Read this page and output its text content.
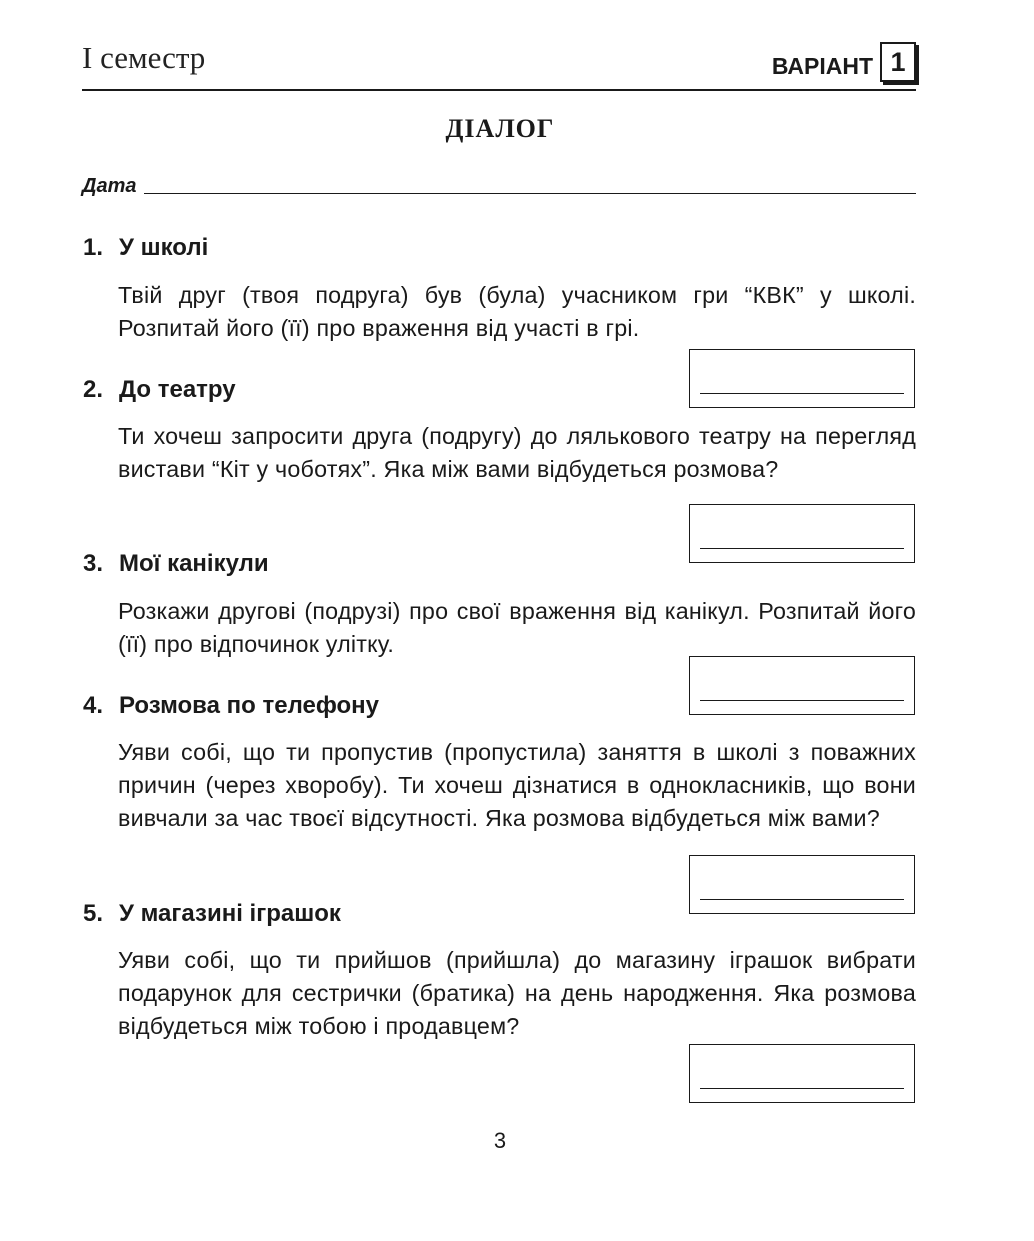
І семестр	ВАРІАНТ 1
ДІАЛОГ
Дата
1. У школі
Твій друг (твоя подруга) був (була) учасником гри “КВК” у школі. Розпитай його (її) про враження від участі в грі.
2. До театру
Ти хочеш запросити друга (подругу) до лялькового театру на перегляд вистави “Кіт у чоботях”. Яка між вами відбудеться розмова?
3. Мої канікули
Розкажи другові (подрузі) про свої враження від канікул. Розпитай його (її) про відпочинок улітку.
4. Розмова по телефону
Уяви собі, що ти пропустив (пропустила) заняття в школі з поважних причин (через хворобу). Ти хочеш дізнатися в однокласників, що вони вивчали за час твоєї відсутності. Яка розмова відбудеться між вами?
5. У магазині іграшок
Уяви собі, що ти прийшов (прийшла) до магазину іграшок вибрати подарунок для сестрички (братика) на день народження. Яка розмова відбудеться між тобою і продавцем?
3
